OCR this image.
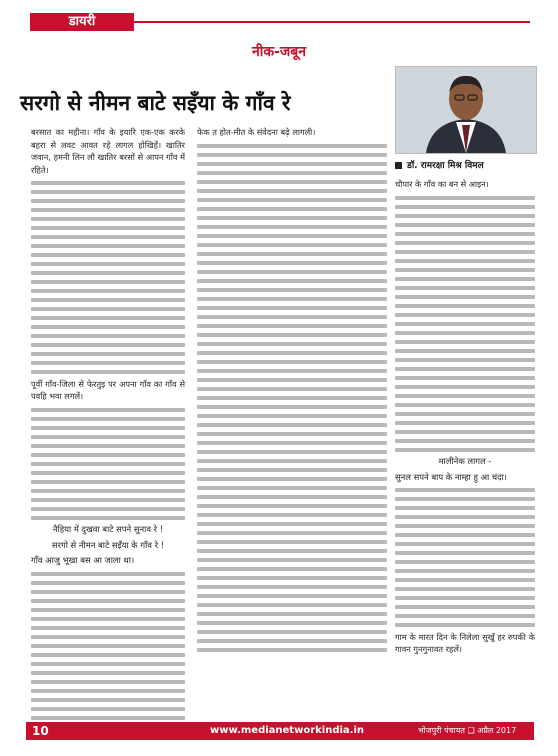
डायरी
नीक-जबून
सरगो से नीमन बाटे सइँया के गाँव रे
डॉ. रामरक्षा मिश्र विमल

बरसात का महीना। गाँव के इयारि एक-एक करके बहरा से लवट आवत रहे लागल होखिहें। खातिर जवान, हमनी लिन लौ खातिर बरसों से आपन गाँव में रहिते।

पूर्वी गाँव-जिला से फेरतुइ पर अपना गाँव का गाँव से पवहि भवा लगलें।

नैहिया में दुखवा बाटे सपने सुनाव रे !
सरगो से नीमन बाटे सइँया के गाँव रे !
गाँव आजु भूखा बस आ जाला था।

फेक त होत-मीत के संवेदना बढ़े लागली।

चौपार के गाँव का बन से आइन।

मालीनेक लागल -
सुनल सपने बाप के नाम्हा हु आ चंदा।

गाम के मारत दिन के निलेला सुखुँ हर रुपकी के गावन गुनगुनावत रहलें।

10	www.medianetworkindia.in	भोजपुरी पंचायत ❑ अप्रैल 2017
